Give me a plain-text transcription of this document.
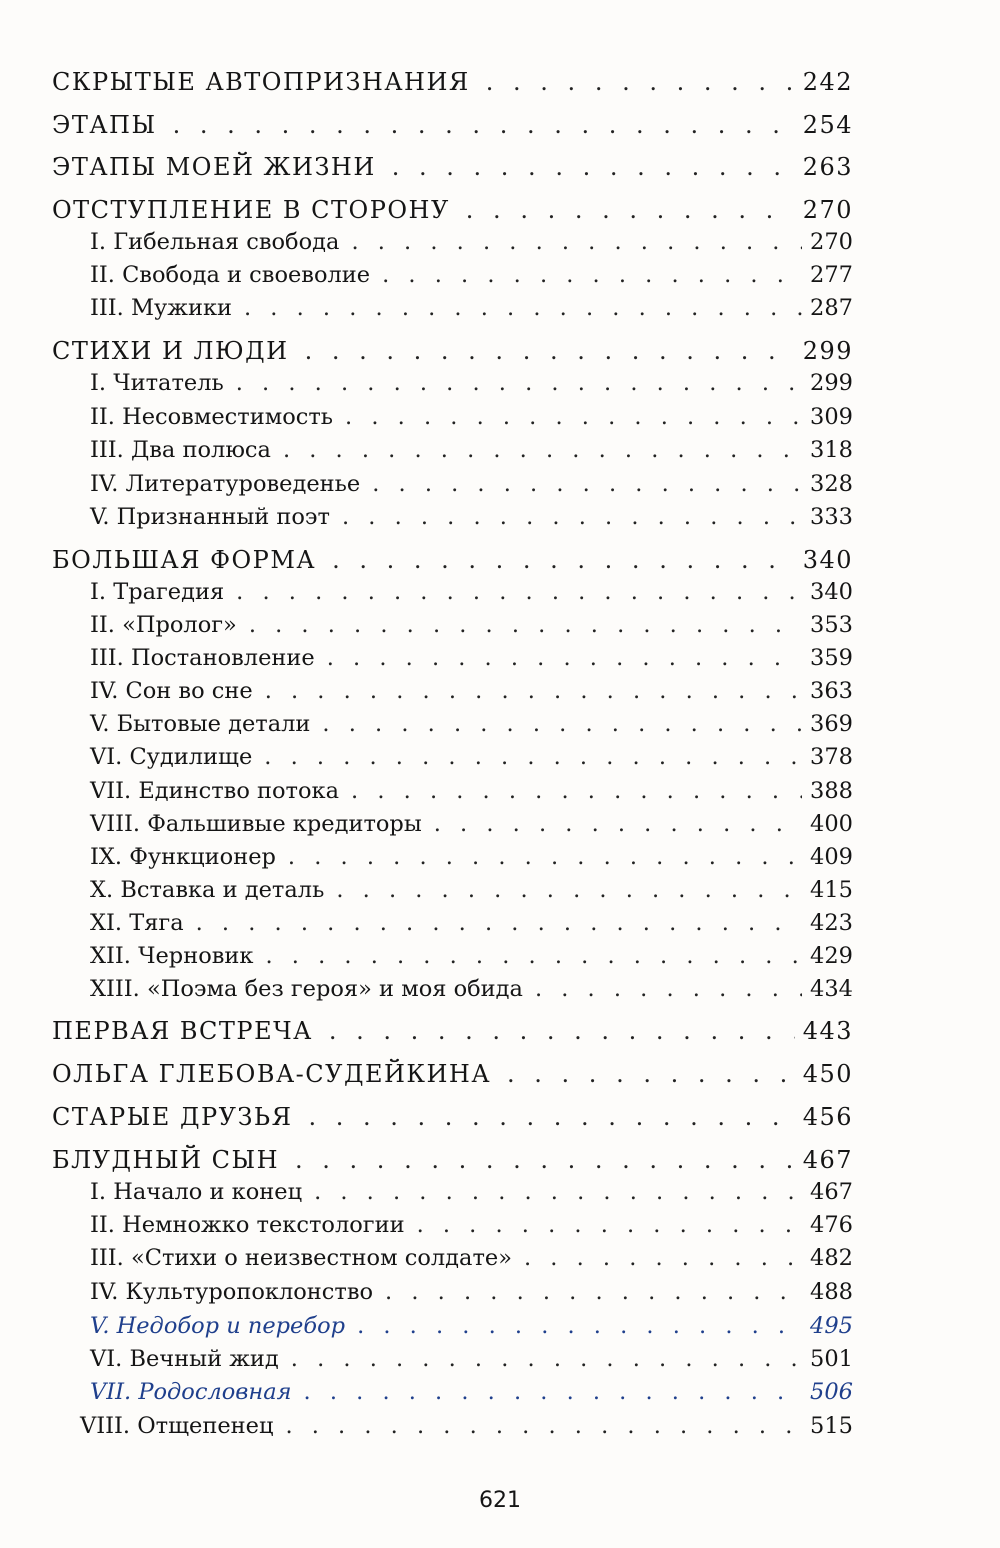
СКРЫТЫЕ АВТОПРИЗНАНИЯ . . .	242
ЭТАПЫ . . .	254
ЭТАПЫ МОЕЙ ЖИЗНИ . . .	263
ОТСТУПЛЕНИЕ В СТОРОНУ . . .	270
I. Гибельная свобода . . .	270
II. Свобода и своеволие . . .	277
III. Мужики . . .	287
СТИХИ И ЛЮДИ . . .	299
I. Читатель . . .	299
II. Несовместимость . . .	309
III. Два полюса . . .	318
IV. Литературоведенье . . .	328
V. Признанный поэт . . .	333
БОЛЬШАЯ ФОРМА . . .	340
I. Трагедия . . .	340
II. «Пролог» . . .	353
III. Постановление . . .	359
IV. Сон во сне . . .	363
V. Бытовые детали . . .	369
VI. Судилище . . .	378
VII. Единство потока . . .	388
VIII. Фальшивые кредиторы . . .	400
IX. Функционер . . .	409
X. Вставка и деталь . . .	415
XI. Тяга . . .	423
XII. Черновик . . .	429
XIII. «Поэма без героя» и моя обида . . .	434
ПЕРВАЯ ВСТРЕЧА . . .	443
ОЛЬГА ГЛЕБОВА-СУДЕЙКИНА . . .	450
СТАРЫЕ ДРУЗЬЯ . . .	456
БЛУДНЫЙ СЫН . . .	467
I. Начало и конец . . .	467
II. Немножко текстологии . . .	476
III. «Стихи о неизвестном солдате» . . .	482
IV. Культуропоклонство . . .	488
V. Недобор и перебор . . .	495
VI. Вечный жид . . .	501
VII. Родословная . . .	506
VIII. Отщепенец . . .	515
621
